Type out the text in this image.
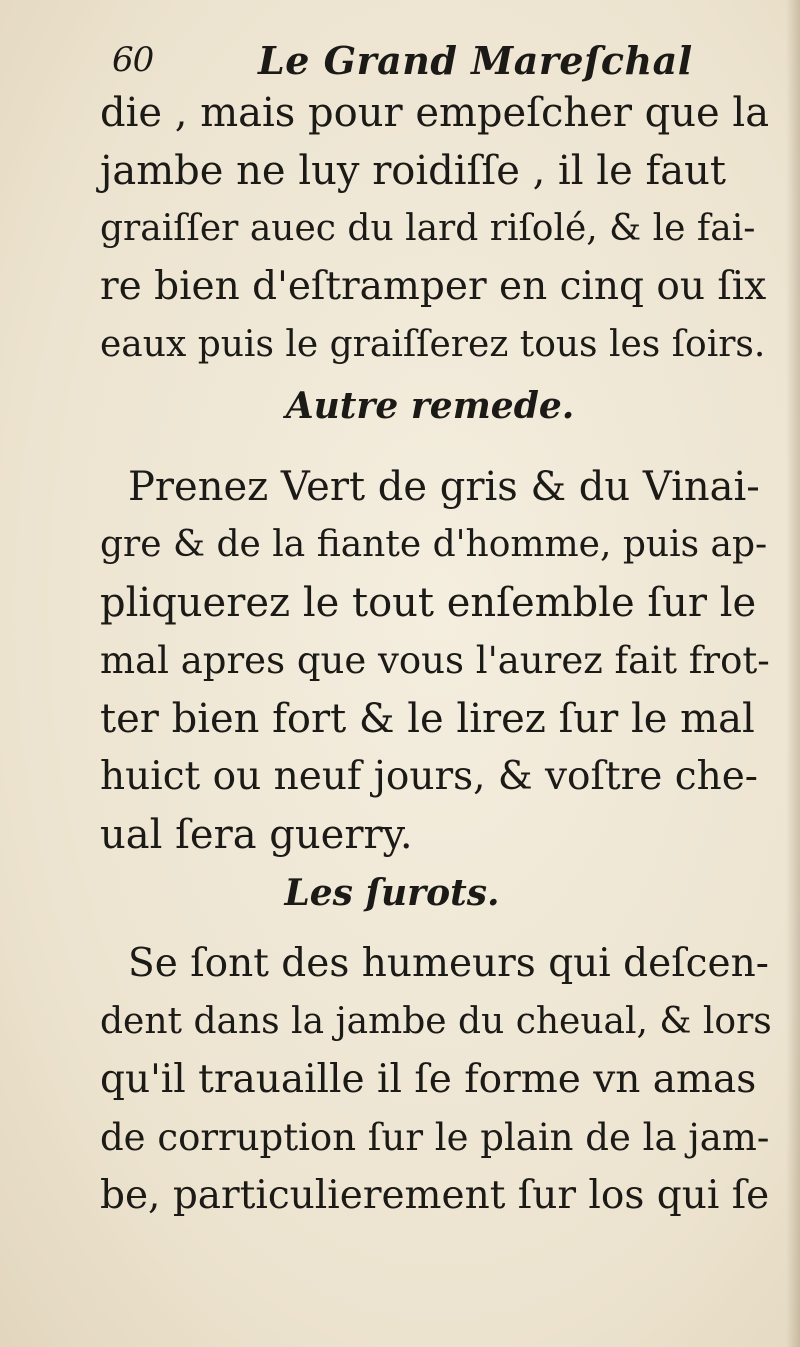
60	Le Grand Mareſchal
die , mais pour empeſcher que la
jambe ne luy roidiſſe , il le faut
graiſſer auec du lard riſolé, & le fai-
re bien d'eſtramper en cinq ou ſix
eaux puis le graiſſerez tous les ſoirs.
Autre remede.
Prenez Vert de gris & du Vinai-
gre & de la fiante d'homme, puis ap-
pliquerez le tout enſemble ſur le
mal apres que vous l'aurez fait frot-
ter bien fort & le lirez ſur le mal
huict ou neuf jours, & voſtre che-
ual ſera guerry.
Les ſurots.
Se ſont des humeurs qui deſcen-
dent dans la jambe du cheual, & lors
qu'il trauaille il ſe forme vn amas
de corruption ſur le plain de la jam-
be, particulierement ſur los qui ſe
